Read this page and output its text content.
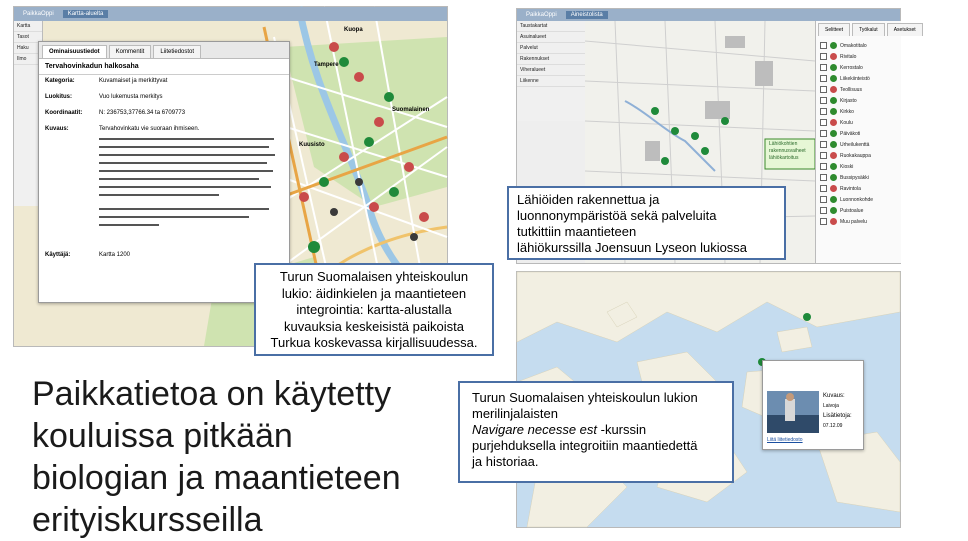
PaikkaOppi	Kartta-aluelta
Kartta
Tasot
Haku
Ilmo
Ominaisuustiedot	Kommentit	Liitetiedostot
Tervahovinkadun halkosaha
Kategoria:	Kuvamaiset ja merkittyvat
Luokitus:	Vuo lukemusta merkitys
Koordinaatit:	N: 236753,37766.34 ta 6709773
Kuvaus:	Tervahovinkatu vie suoraan ihmiseen.
Käyttäjä:	Kartta 1200
Kuopa
Tampere
Suomalainen
Kuusisto
PaikkaOppi	Aineistolista
Taustakartat
Asuinalueet
Palvelut
Rakennukset
Viheralueet
Liikenne
Lähiökohtien
rakennusvaiheet
lähiökartoitus
Selitteet	Työkalut	Asetukset
Omakotitalo
Rivitalo
Kerrostalo
Liikekiinteistö
Teollisuus
Kirjasto
Kirkko
Koulu
Päiväkoti
Urheilukenttä
Ruokakauppa
Kioski
Bussipysäkki
Ravintola
Luonnonkohde
Puistoalue
Muu palvelu
Kuvaus:
Laivoja
Lisätietoja:
07.12.09
Liitä liitetiedosto

Lähiöiden rakennettua ja

luonnonympäristöä sekä palveluita

tutkittiin maantieteen

lähiökurssilla Joensuun Lyseon lukiossa

Turun Suomalaisen yhteiskoulun

lukio: äidinkielen ja maantieteen

integrointia: kartta-alustalla

kuvauksia keskeisistä paikoista

Turkua koskevassa kirjallisuudessa.

Turun Suomalaisen yhteiskoulun lukion

merilinjalaisten

Navigare necesse est -kurssin

purjehduksella integroitiin maantiedettä

ja historiaa.

Paikkatietoa on käytetty
kouluissa pitkään
biologian ja maantieteen
erityiskursseilla
